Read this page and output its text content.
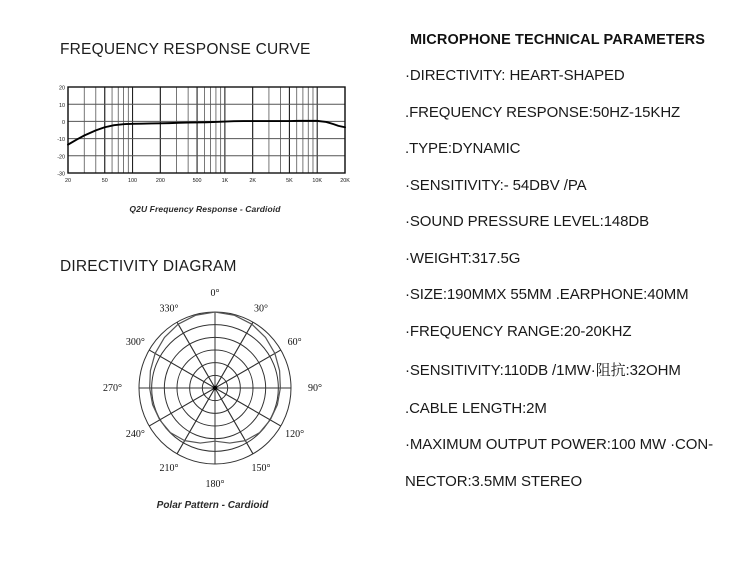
FREQUENCY RESPONSE CURVE
20
10
0
-10
-20
-30
20	50	100	200	500	1K	2K	5K	10K	20K
Q2U Frequency Response - Cardioid
DIRECTIVITY DIAGRAM
0°
30°
60°
90°
120°
150°
180°
210°
240°
270°
300°
330°
Polar Pattern - Cardioid
MICROPHONE TECHNICAL PARAMETERS
·DIRECTIVITY: HEART-SHAPED
.FREQUENCY RESPONSE:50HZ-15KHZ
.TYPE:DYNAMIC
·SENSITIVITY:- 54DBV /PA
·SOUND PRESSURE LEVEL:148DB
·WEIGHT:317.5G
·SIZE:190MMX 55MM .EARPHONE:40MM
·FREQUENCY RANGE:20-20KHZ
·SENSITIVITY:110DB /1MW·阻抗:32OHM
.CABLE LENGTH:2M
·MAXIMUM OUTPUT POWER:100 MW ·CON-
NECTOR:3.5MM STEREO
